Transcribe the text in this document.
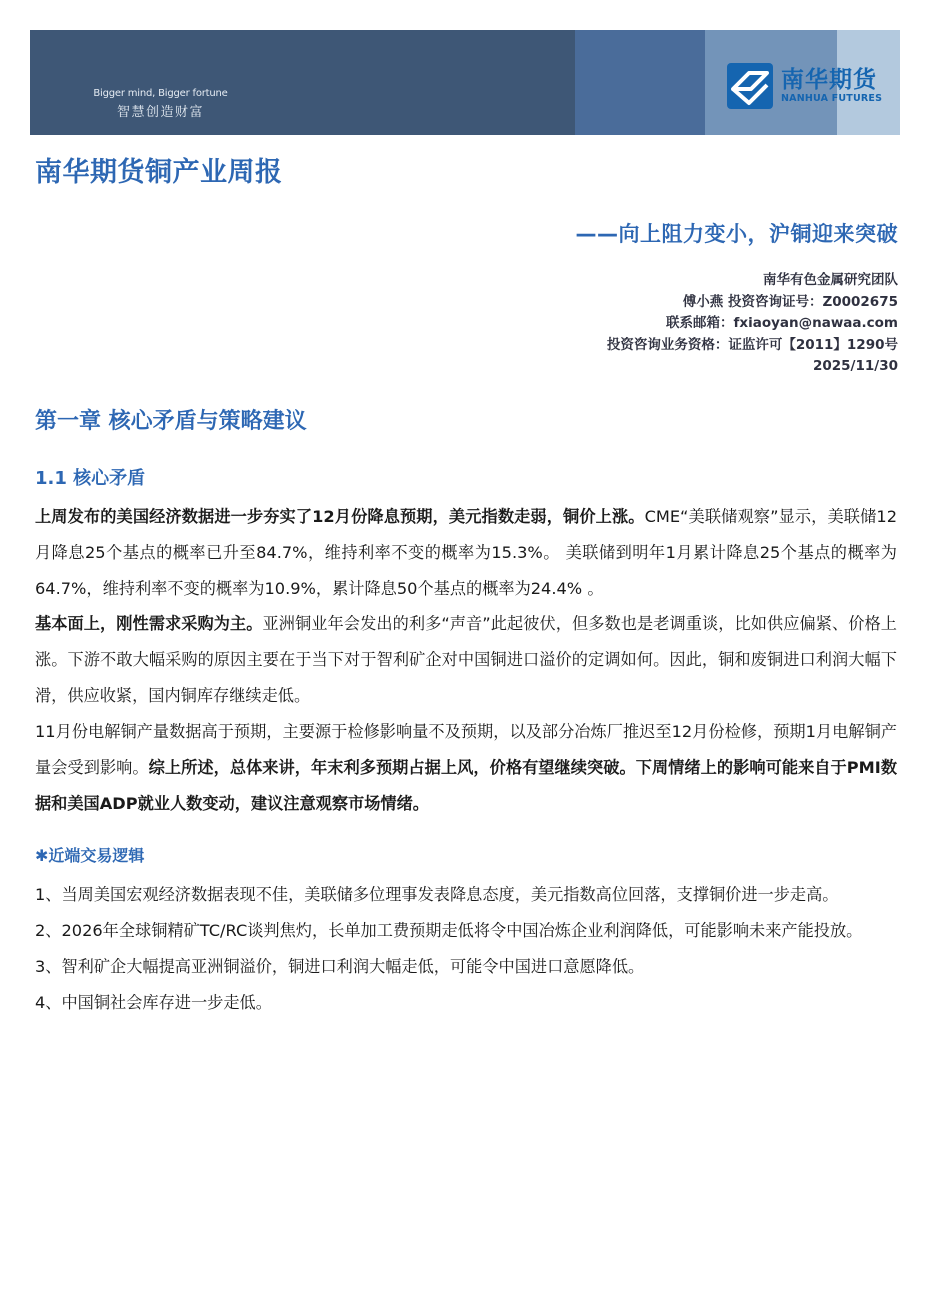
Bigger mind, Bigger fortune
智慧创造财富
南华期货
NANHUA FUTURES
南华期货铜产业周报
——向上阻力变小，沪铜迎来突破
南华有色金属研究团队
傅小燕 投资咨询证号：Z0002675
联系邮箱：fxiaoyan@nawaa.com
投资咨询业务资格：证监许可【2011】1290号
2025/11/30
第一章 核心矛盾与策略建议
1.1 核心矛盾
上周发布的美国经济数据进一步夯实了12月份降息预期，美元指数走弱，铜价上涨。CME“美联储观察”显示，美联储12月降息25个基点的概率已升至84.7%，维持利率不变的概率为15.3%。 美联储到明年1月累计降息25个基点的概率为64.7%，维持利率不变的概率为10.9%，累计降息50个基点的概率为24.4% 。
基本面上，刚性需求采购为主。亚洲铜业年会发出的利多“声音”此起彼伏，但多数也是老调重谈，比如供应偏紧、价格上涨。下游不敢大幅采购的原因主要在于当下对于智利矿企对中国铜进口溢价的定调如何。因此，铜和废铜进口利润大幅下滑，供应收紧，国内铜库存继续走低。
11月份电解铜产量数据高于预期，主要源于检修影响量不及预期，以及部分冶炼厂推迟至12月份检修，预期1月电解铜产量会受到影响。综上所述，总体来讲，年末利多预期占据上风，价格有望继续突破。下周情绪上的影响可能来自于PMI数据和美国ADP就业人数变动，建议注意观察市场情绪。
✱近端交易逻辑
1、当周美国宏观经济数据表现不佳，美联储多位理事发表降息态度，美元指数高位回落，支撑铜价进一步走高。
2、2026年全球铜精矿TC/RC谈判焦灼，长单加工费预期走低将令中国冶炼企业利润降低，可能影响未来产能投放。
3、智利矿企大幅提高亚洲铜溢价，铜进口利润大幅走低，可能令中国进口意愿降低。
4、中国铜社会库存进一步走低。
